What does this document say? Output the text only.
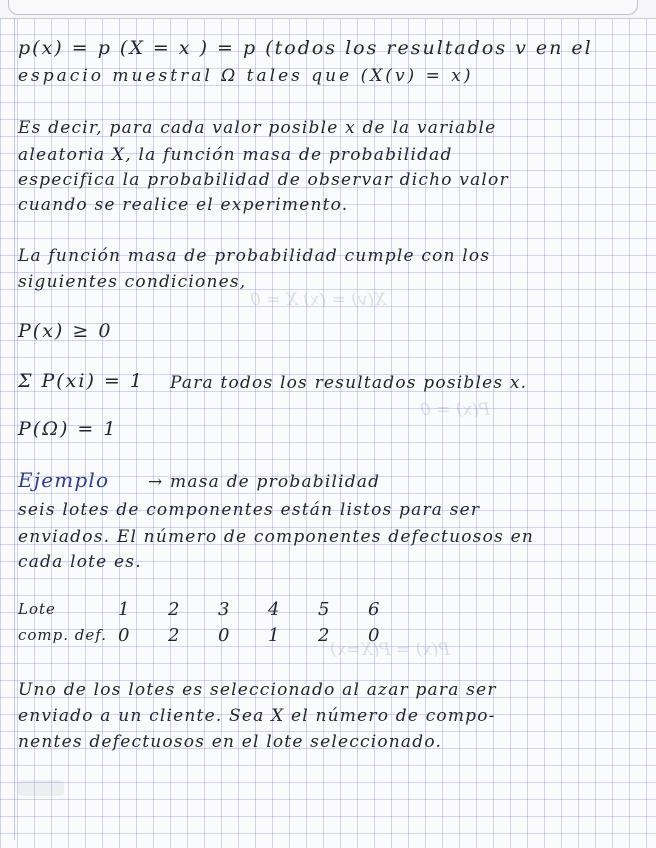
X(v) = (x) X = 0
P(x) = 0
P(x) = P(X=x)
p(x) = p (X = x ) = p (todos los resultados v en el
espacio muestral Ω tales que (X(v) = x)
Es decir, para cada valor posible x de la variable
aleatoria X, la función masa de probabilidad
especifica la probabilidad de observar dicho valor
cuando se realice el experimento.
La función masa de probabilidad cumple con los
siguientes condiciones,
P(x) ≥ 0
Σ P(xi) = 1 Para todos los resultados posibles x.
P(Ω) = 1
Ejemplo → masa de probabilidad
seis lotes de componentes están listos para ser
enviados. El número de componentes defectuosos en
cada lote es.
Lote	1	2	3	4	5	6
comp. def.	0	2	0	1	2	0
Uno de los lotes es seleccionado al azar para ser
enviado a un cliente. Sea X el número de compo-
nentes defectuosos en el lote seleccionado.
